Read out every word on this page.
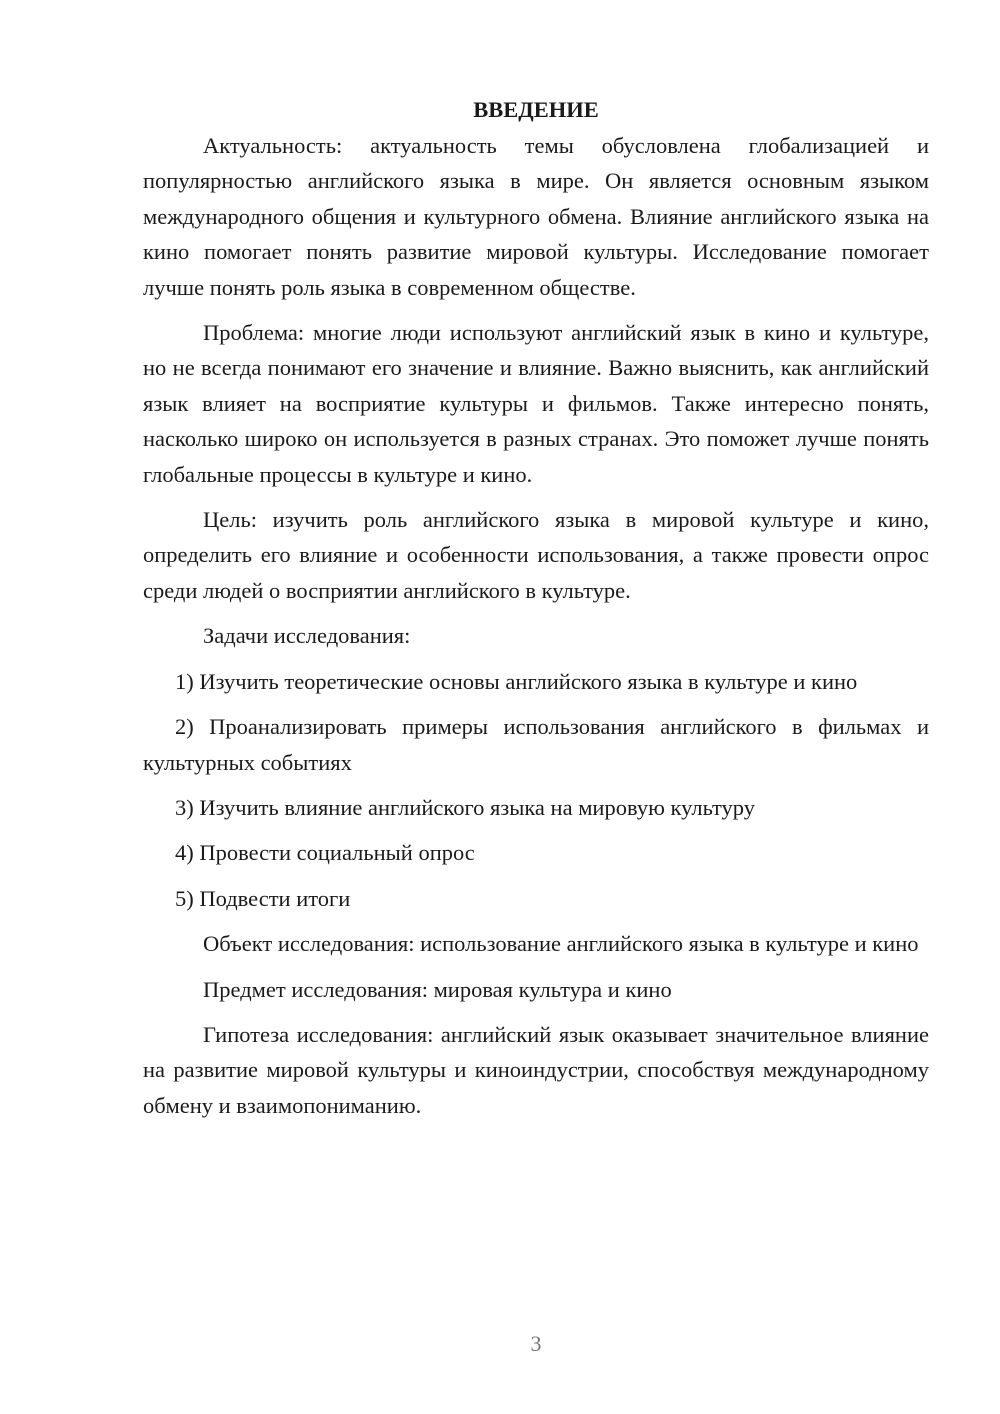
ВВЕДЕНИЕ

Актуальность: актуальность темы обусловлена глобализацией и популярностью английского языка в мире. Он является основным языком международного общения и культурного обмена. Влияние английского языка на кино помогает понять развитие мировой культуры. Исследование помогает лучше понять роль языка в современном обществе.

Проблема: многие люди используют английский язык в кино и культуре, но не всегда понимают его значение и влияние. Важно выяснить, как английский язык влияет на восприятие культуры и фильмов. Также интересно понять, насколько широко он используется в разных странах. Это поможет лучше понять глобальные процессы в культуре и кино.

Цель: изучить роль английского языка в мировой культуре и кино, определить его влияние и особенности использования, а также провести опрос среди людей о восприятии английского в культуре.

Задачи исследования:

1) Изучить теоретические основы английского языка в культуре и кино

2) Проанализировать примеры использования английского в фильмах и культурных событиях

3) Изучить влияние английского языка на мировую культуру

4) Провести социальный опрос

5) Подвести итоги

Объект исследования: использование английского языка в культуре и кино

Предмет исследования: мировая культура и кино

Гипотеза исследования: английский язык оказывает значительное влияние на развитие мировой культуры и киноиндустрии, способствуя международному обмену и взаимопониманию.

3
